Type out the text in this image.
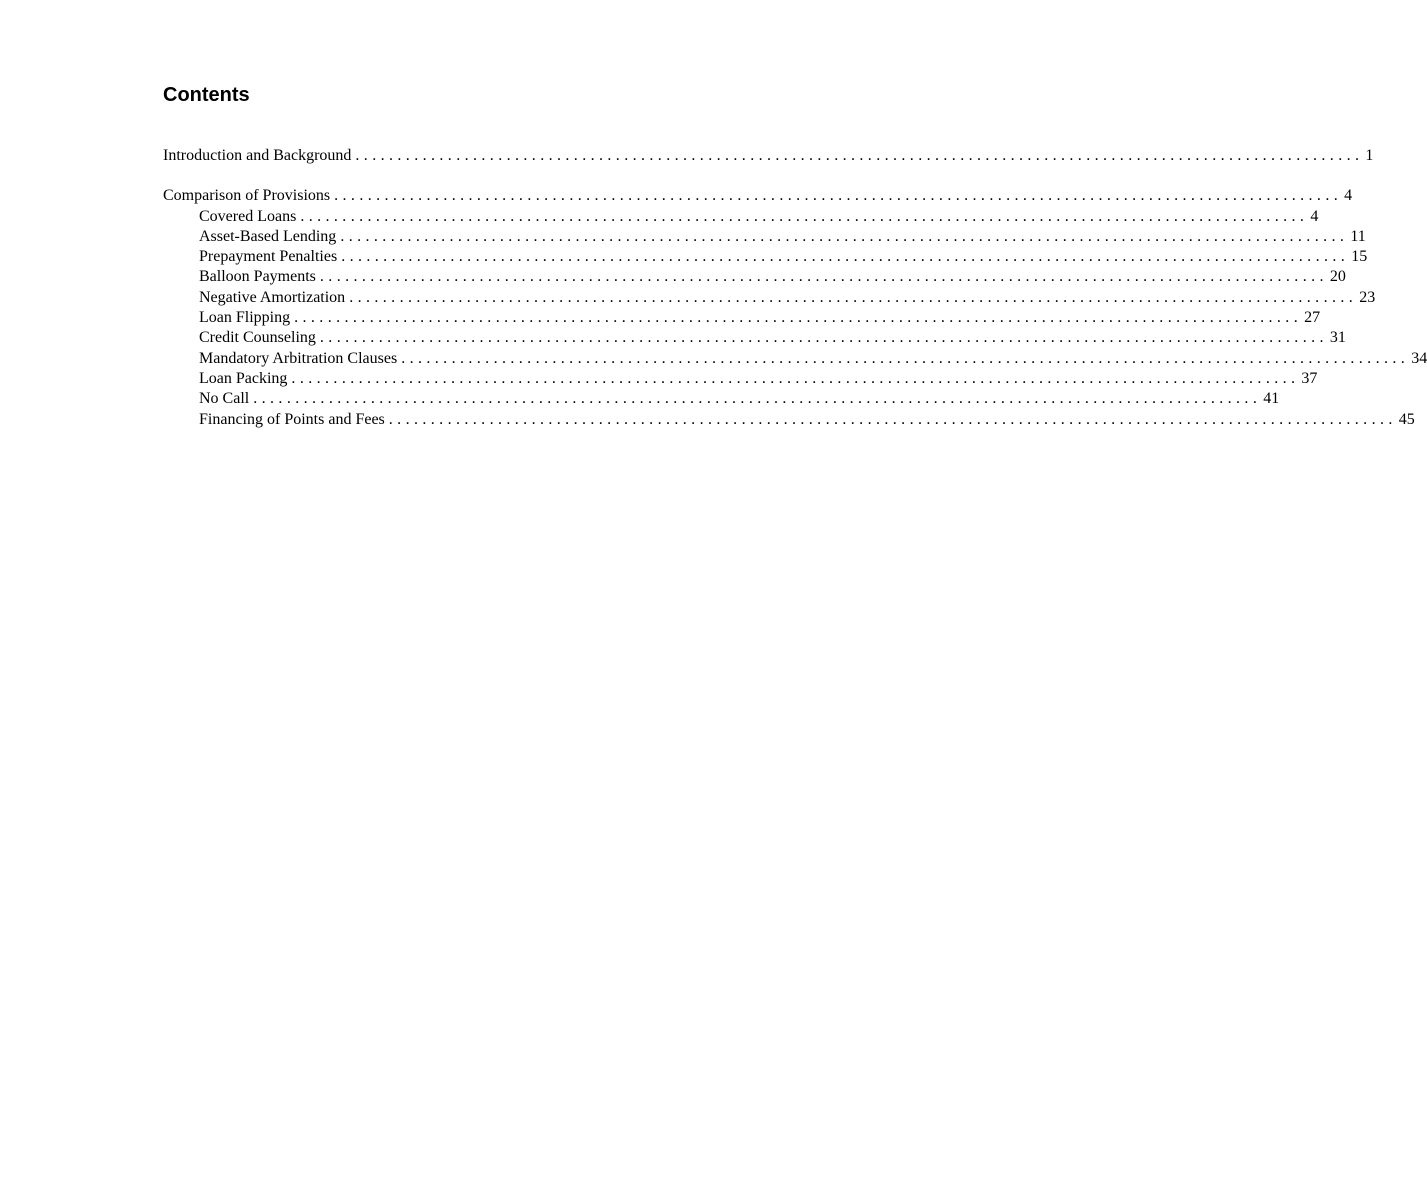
Contents
Introduction and Background ........................................................................................................................ 1
Comparison of Provisions ........................................................................................................................ 4
Covered Loans ........................................................................................................................ 4
Asset-Based Lending ........................................................................................................................ 11
Prepayment Penalties ........................................................................................................................ 15
Balloon Payments ........................................................................................................................ 20
Negative Amortization ........................................................................................................................ 23
Loan Flipping ........................................................................................................................ 27
Credit Counseling ........................................................................................................................ 31
Mandatory Arbitration Clauses ........................................................................................................................ 34
Loan Packing ........................................................................................................................ 37
No Call ........................................................................................................................ 41
Financing of Points and Fees ........................................................................................................................ 45
